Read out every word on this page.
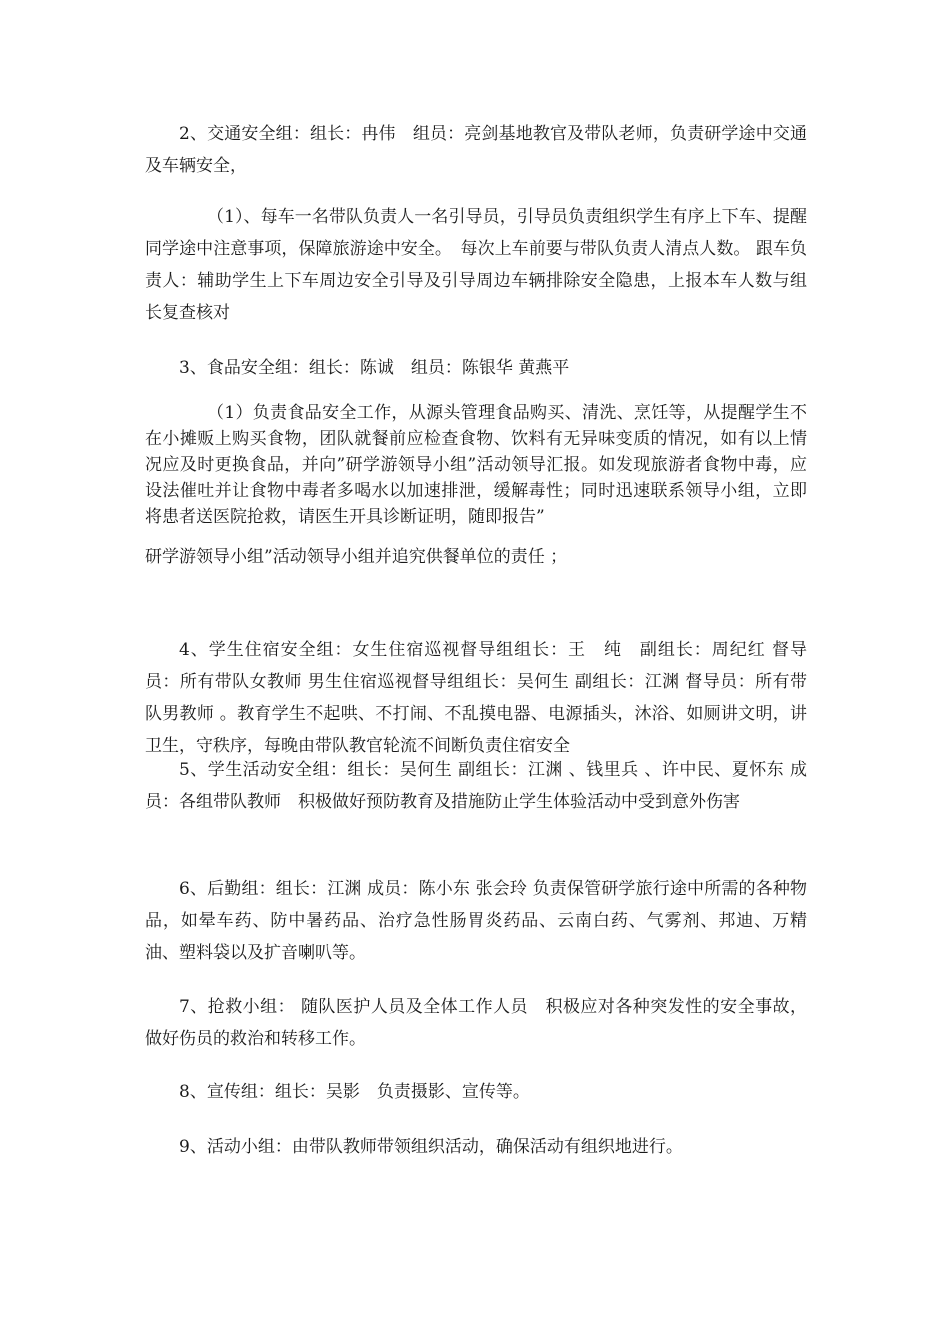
2、交通安全组：组长：冉伟　组员：亮剑基地教官及带队老师，负责研学途中交通及车辆安全，

（1）、每车一名带队负责人一名引导员，引导员负责组织学生有序上下车、提醒同学途中注意事项，保障旅游途中安全。　每次上车前要与带队负责人清点人数。 跟车负责人：辅助学生上下车周边安全引导及引导周边车辆排除安全隐患，上报本车人数与组长复查核对

3、食品安全组：组长：陈诚　组员：陈银华 黄燕平

（1）负责食品安全工作，从源头管理食品购买、清洗、烹饪等，从提醒学生不在小摊贩上购买食物，团队就餐前应检查食物、饮料有无异味变质的情况，如有以上情况应及时更换食品，并向”研学游领导小组”活动领导汇报。如发现旅游者食物中毒，应设法催吐并让食物中毒者多喝水以加速排泄，缓解毒性；同时迅速联系领导小组，立即将患者送医院抢救，请医生开具诊断证明，随即报告”

研学游领导小组”活动领导小组并追究供餐单位的责任 ；

4、学生住宿安全组：女生住宿巡视督导组组长：王　纯　副组长：周纪红 督导员：所有带队女教师 男生住宿巡视督导组组长：吴何生 副组长：江渊 督导员：所有带队男教师 。教育学生不起哄、不打闹、不乱摸电器、电源插头，沐浴、如厕讲文明，讲卫生，守秩序，每晚由带队教官轮流不间断负责住宿安全

5、学生活动安全组：组长：吴何生 副组长：江渊 、钱里兵 、许中民、夏怀东 成员：各组带队教师　积极做好预防教育及措施防止学生体验活动中受到意外伤害

6、后勤组：组长：江渊 成员：陈小东 张会玲 负责保管研学旅行途中所需的各种物品，如晕车药、防中暑药品、治疗急性肠胃炎药品、云南白药、气雾剂、邦迪、万精油、塑料袋以及扩音喇叭等。

7、抢救小组： 随队医护人员及全体工作人员　积极应对各种突发性的安全事故，做好伤员的救治和转移工作。

8、宣传组：组长：吴影　负责摄影、宣传等。

9、活动小组：由带队教师带领组织活动，确保活动有组织地进行。
